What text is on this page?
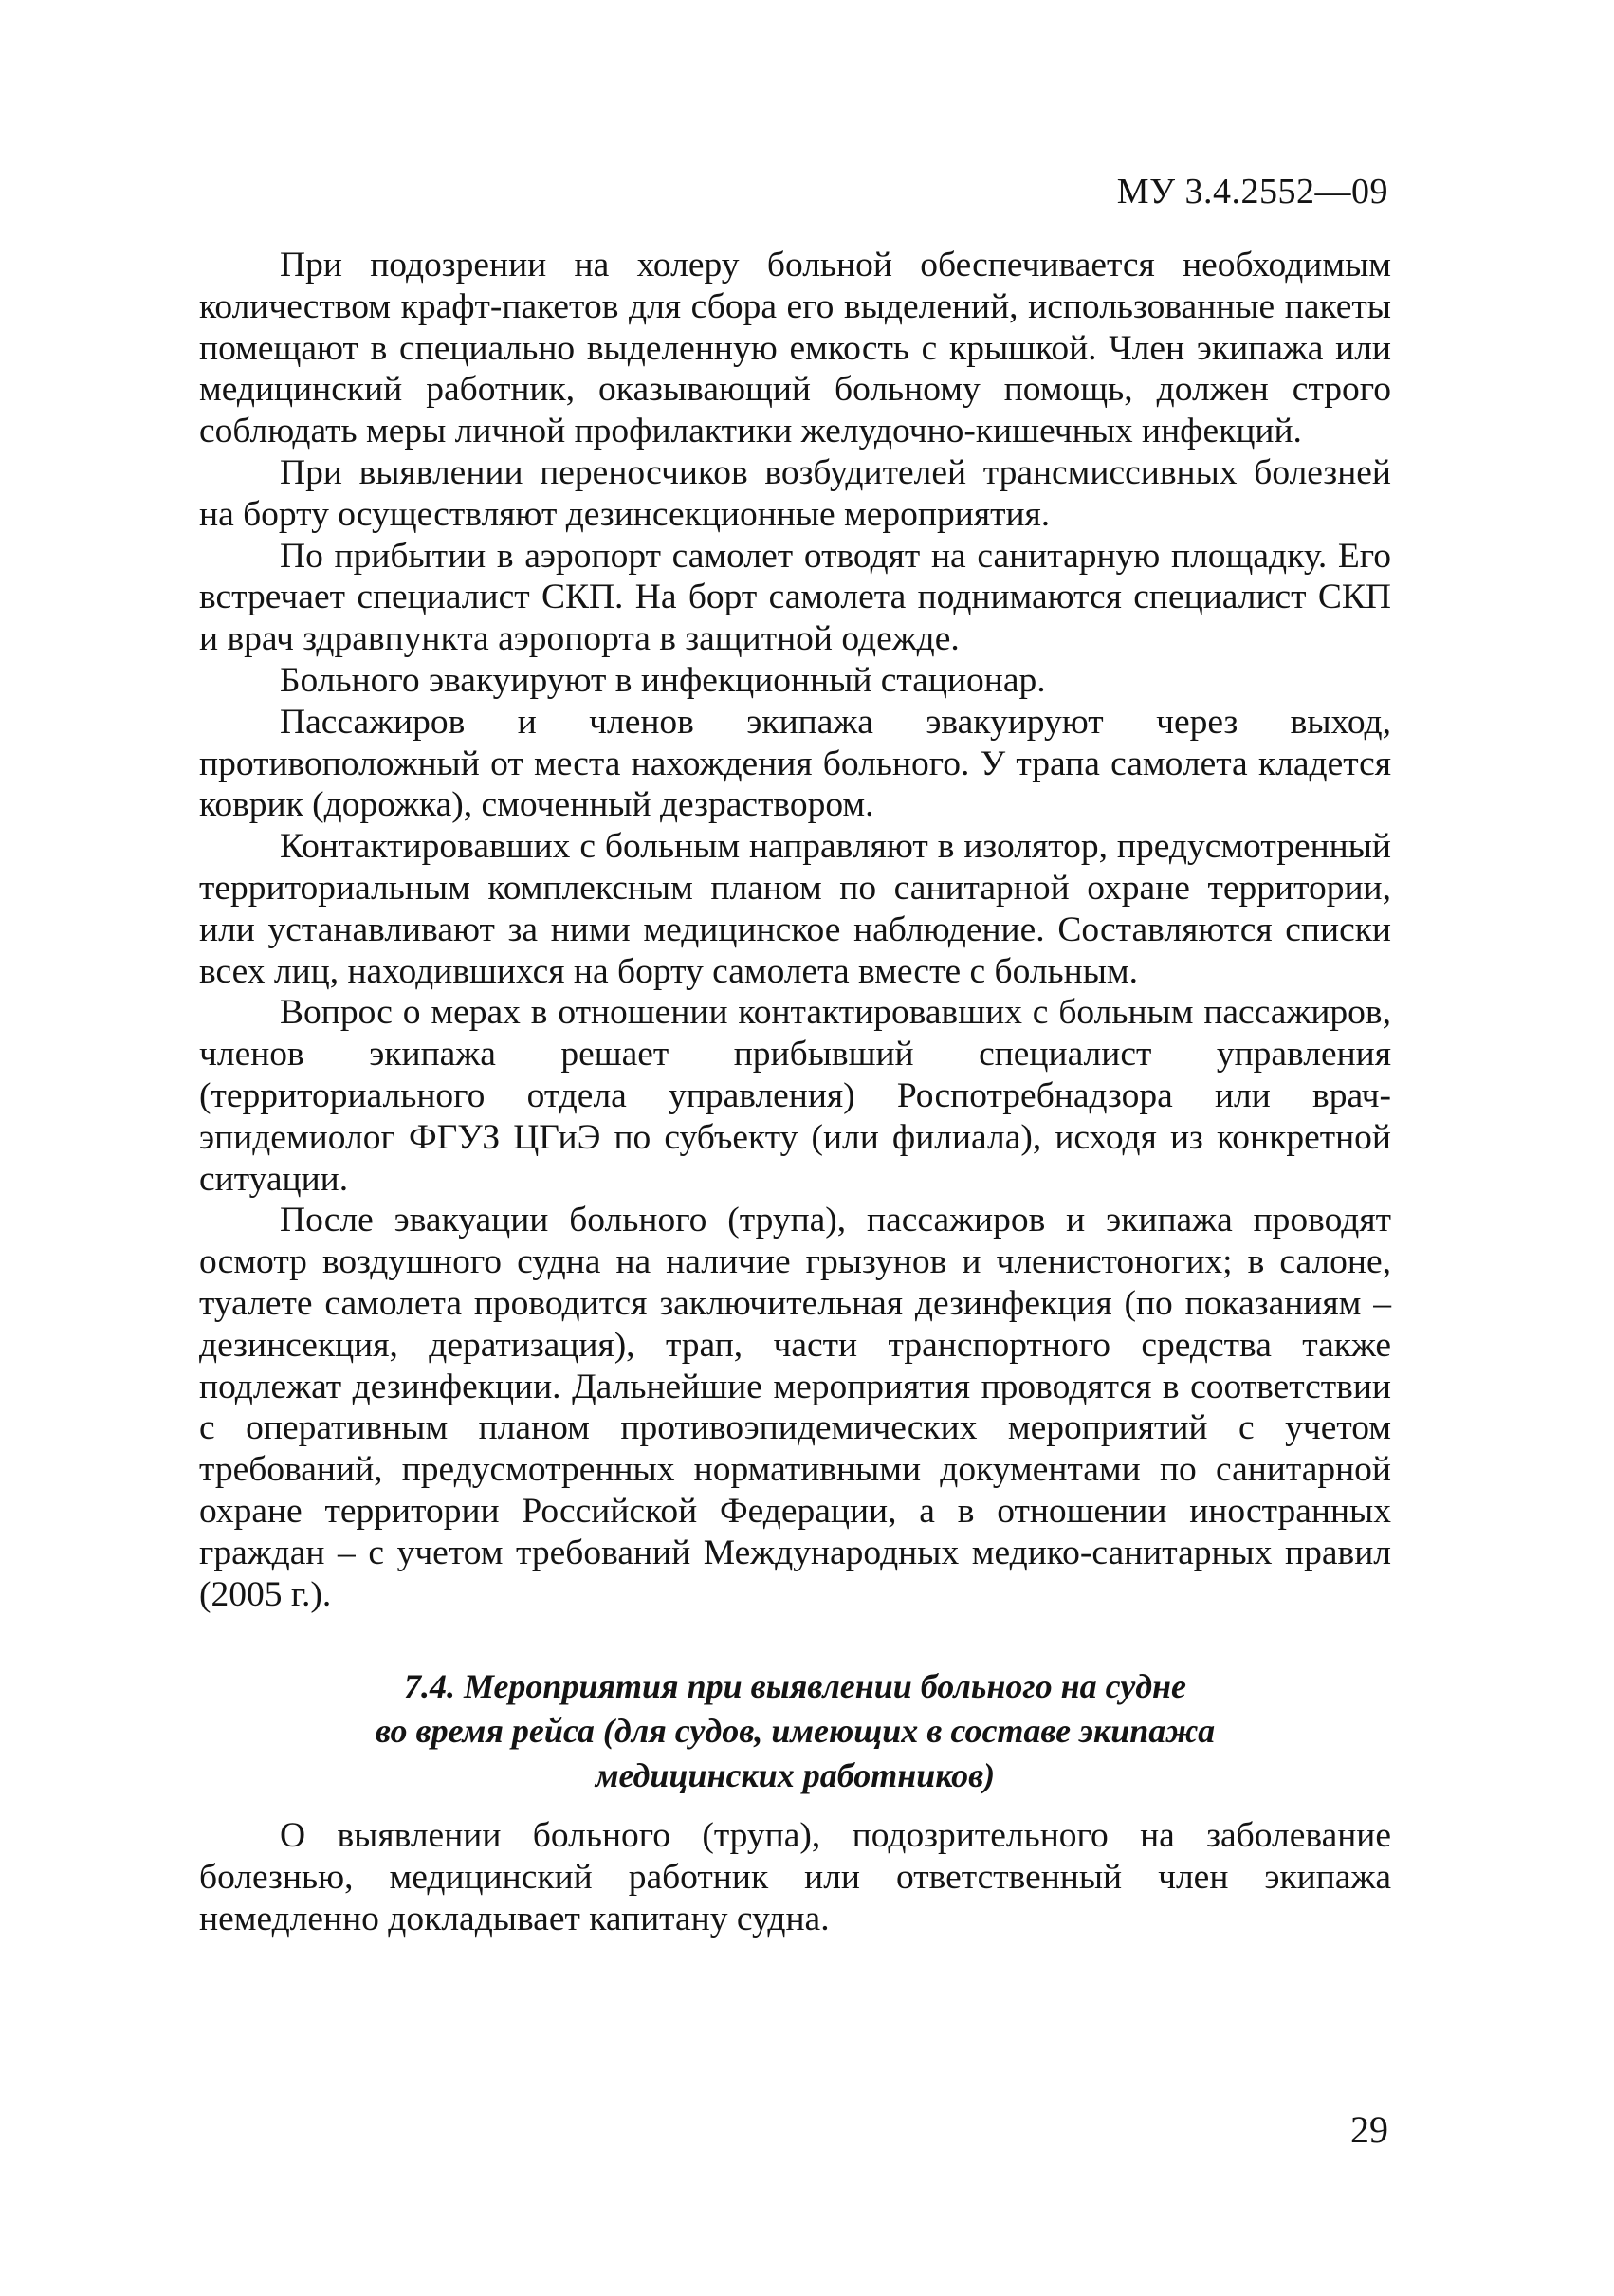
МУ 3.4.2552—09

При подозрении на холеру больной обеспечивается необходимым количеством крафт-пакетов для сбора его выделений, использованные пакеты помещают в специально выделенную емкость с крышкой. Член экипажа или медицинский работник, оказывающий больному помощь, должен строго соблюдать меры личной профилактики желудочно-кишечных инфекций.

При выявлении переносчиков возбудителей трансмиссивных болезней на борту осуществляют дезинсекционные мероприятия.

По прибытии в аэропорт самолет отводят на санитарную площадку. Его встречает специалист СКП. На борт самолета поднимаются специалист СКП и врач здравпункта аэропорта в защитной одежде.

Больного эвакуируют в инфекционный стационар.

Пассажиров и членов экипажа эвакуируют через выход, противоположный от места нахождения больного. У трапа самолета кладется коврик (дорожка), смоченный дезраствором.

Контактировавших с больным направляют в изолятор, предусмотренный территориальным комплексным планом по санитарной охране территории, или устанавливают за ними медицинское наблюдение. Составляются списки всех лиц, находившихся на борту самолета вместе с больным.

Вопрос о мерах в отношении контактировавших с больным пассажиров, членов экипажа решает прибывший специалист управления (территориального отдела управления) Роспотребнадзора или врач-эпидемиолог ФГУЗ ЦГиЭ по субъекту (или филиала), исходя из конкретной ситуации.

После эвакуации больного (трупа), пассажиров и экипажа проводят осмотр воздушного судна на наличие грызунов и членистоногих; в салоне, туалете самолета проводится заключительная дезинфекция (по показаниям – дезинсекция, дератизация), трап, части транспортного средства также подлежат дезинфекции. Дальнейшие мероприятия проводятся в соответствии с оперативным планом противоэпидемических мероприятий с учетом требований, предусмотренных нормативными документами по санитарной охране территории Российской Федерации, а в отношении иностранных граждан – с учетом требований Международных медико-санитарных правил (2005 г.).

7.4. Мероприятия при выявлении больного на судне
во время рейса (для судов, имеющих в составе экипажа
медицинских работников)

О выявлении больного (трупа), подозрительного на заболевание болезнью, медицинский работник или ответственный член экипажа немедленно докладывает капитану судна.

29
